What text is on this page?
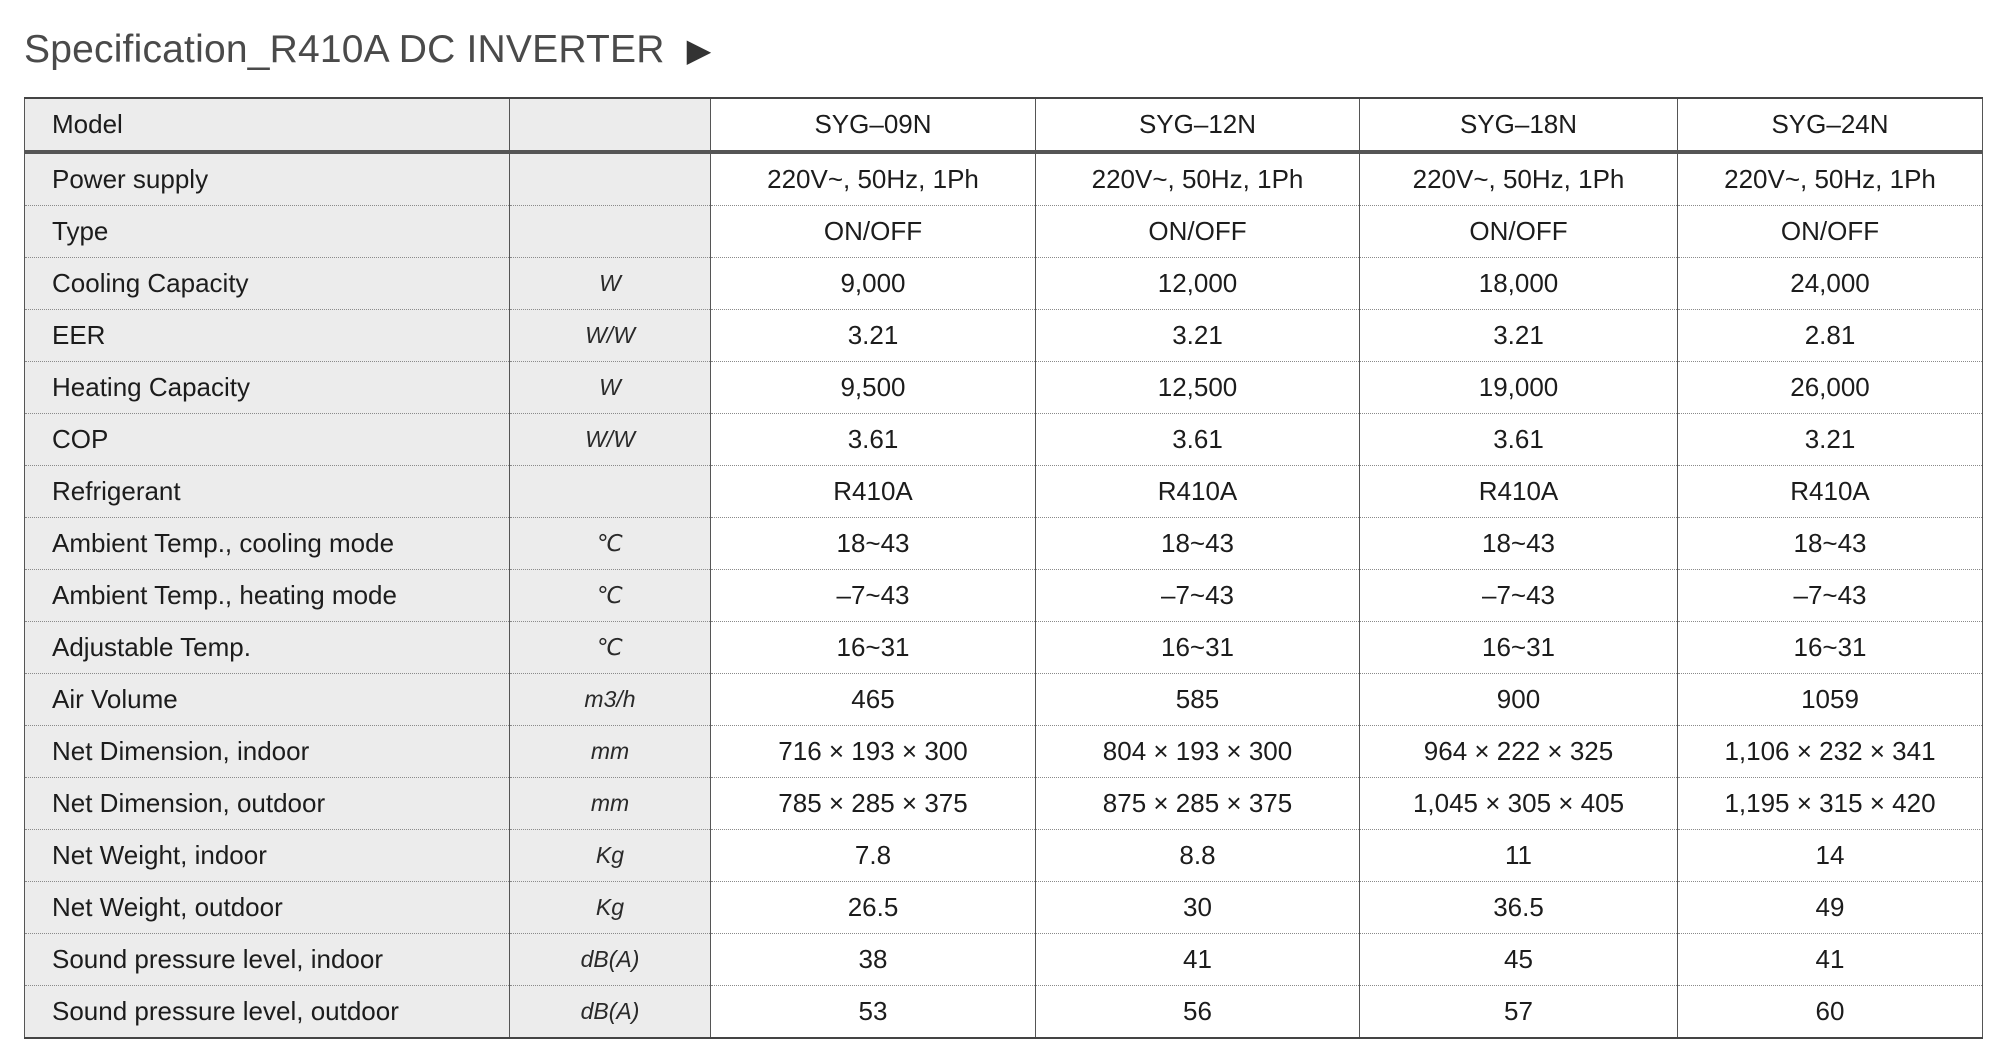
Specification_R410A DC INVERTER ▶
Model		SYG–09N	SYG–12N	SYG–18N	SYG–24N
Power supply		220V~, 50Hz, 1Ph	220V~, 50Hz, 1Ph	220V~, 50Hz, 1Ph	220V~, 50Hz, 1Ph
Type		ON/OFF	ON/OFF	ON/OFF	ON/OFF
Cooling Capacity	W	9,000	12,000	18,000	24,000
EER	W/W	3.21	3.21	3.21	2.81
Heating Capacity	W	9,500	12,500	19,000	26,000
COP	W/W	3.61	3.61	3.61	3.21
Refrigerant		R410A	R410A	R410A	R410A
Ambient Temp., cooling mode	℃	18~43	18~43	18~43	18~43
Ambient Temp., heating mode	℃	–7~43	–7~43	–7~43	–7~43
Adjustable Temp.	℃	16~31	16~31	16~31	16~31
Air Volume	m3/h	465	585	900	1059
Net Dimension, indoor	mm	716 × 193 × 300	804 × 193 × 300	964 × 222 × 325	1,106 × 232 × 341
Net Dimension, outdoor	mm	785 × 285 × 375	875 × 285 × 375	1,045 × 305 × 405	1,195 × 315 × 420
Net Weight, indoor	Kg	7.8	8.8	11	14
Net Weight, outdoor	Kg	26.5	30	36.5	49
Sound pressure level, indoor	dB(A)	38	41	45	41
Sound pressure level, outdoor	dB(A)	53	56	57	60
